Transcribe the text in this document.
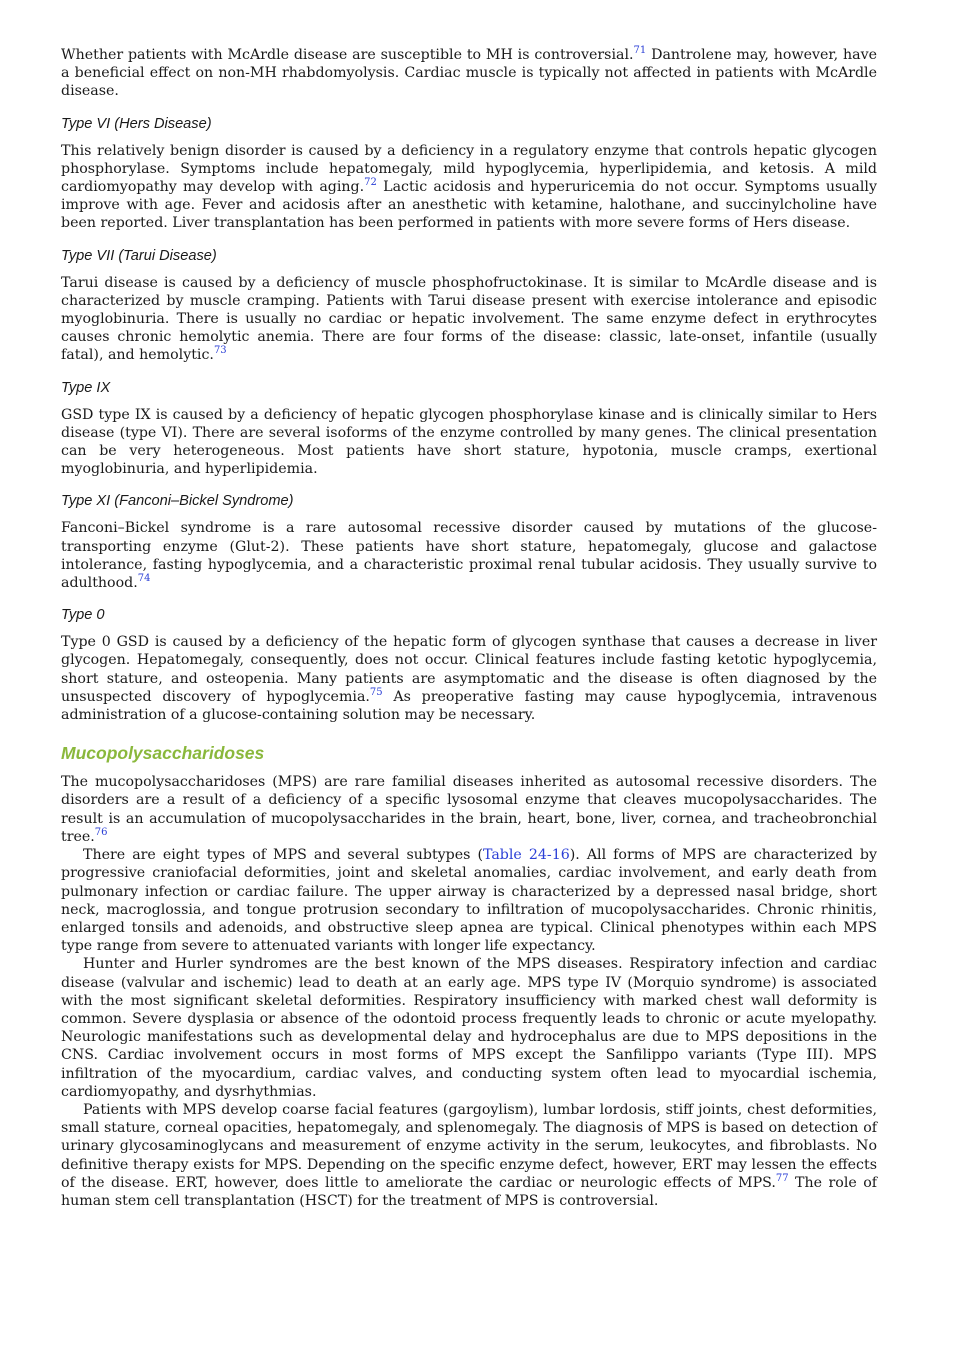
Whether patients with McArdle disease are susceptible to MH is controversial.$^{71}$ Dantrolene may, however, have a beneficial effect on non-MH rhabdomyolysis. Cardiac muscle is typically not affected in patients with McArdle disease.

Type VI (Hers Disease)

This relatively benign disorder is caused by a deficiency in a regulatory enzyme that controls hepatic glycogen phosphorylase. Symptoms include hepatomegaly, mild hypoglycemia, hyperlipidemia, and ketosis. A mild cardiomyopathy may develop with aging.$^{72}$ Lactic acidosis and hyperuricemia do not occur. Symptoms usually improve with age. Fever and acidosis after an anesthetic with ketamine, halothane, and succinylcholine have been reported. Liver transplantation has been performed in patients with more severe forms of Hers disease.

Type VII (Tarui Disease)

Tarui disease is caused by a deficiency of muscle phosphofructokinase. It is similar to McArdle disease and is characterized by muscle cramping. Patients with Tarui disease present with exercise intolerance and episodic myoglobinuria. There is usually no cardiac or hepatic involvement. The same enzyme defect in erythrocytes causes chronic hemolytic anemia. There are four forms of the disease: classic, late-onset, infantile (usually fatal), and hemolytic.$^{73}$

Type IX

GSD type IX is caused by a deficiency of hepatic glycogen phosphorylase kinase and is clinically similar to Hers disease (type VI). There are several isoforms of the enzyme controlled by many genes. The clinical presentation can be very heterogeneous. Most patients have short stature, hypotonia, muscle cramps, exertional myoglobinuria, and hyperlipidemia.

Type XI (Fanconi–Bickel Syndrome)

Fanconi–Bickel syndrome is a rare autosomal recessive disorder caused by mutations of the glucose-transporting enzyme (Glut-2). These patients have short stature, hepatomegaly, glucose and galactose intolerance, fasting hypoglycemia, and a characteristic proximal renal tubular acidosis. They usually survive to adulthood.$^{74}$

Type 0

Type 0 GSD is caused by a deficiency of the hepatic form of glycogen synthase that causes a decrease in liver glycogen. Hepatomegaly, consequently, does not occur. Clinical features include fasting ketotic hypoglycemia, short stature, and osteopenia. Many patients are asymptomatic and the disease is often diagnosed by the unsuspected discovery of hypoglycemia.$^{75}$ As preoperative fasting may cause hypoglycemia, intravenous administration of a glucose-containing solution may be necessary.

Mucopolysaccharidoses

The mucopolysaccharidoses (MPS) are rare familial diseases inherited as autosomal recessive disorders. The disorders are a result of a deficiency of a specific lysosomal enzyme that cleaves mucopolysaccharides. The result is an accumulation of mucopolysaccharides in the brain, heart, bone, liver, cornea, and tracheobronchial tree.$^{76}$

There are eight types of MPS and several subtypes (Table 24-16). All forms of MPS are characterized by progressive craniofacial deformities, joint and skeletal anomalies, cardiac involvement, and early death from pulmonary infection or cardiac failure. The upper airway is characterized by a depressed nasal bridge, short neck, macroglossia, and tongue protrusion secondary to infiltration of mucopolysaccharides. Chronic rhinitis, enlarged tonsils and adenoids, and obstructive sleep apnea are typical. Clinical phenotypes within each MPS type range from severe to attenuated variants with longer life expectancy.

Hunter and Hurler syndromes are the best known of the MPS diseases. Respiratory infection and cardiac disease (valvular and ischemic) lead to death at an early age. MPS type IV (Morquio syndrome) is associated with the most significant skeletal deformities. Respiratory insufficiency with marked chest wall deformity is common. Severe dysplasia or absence of the odontoid process frequently leads to chronic or acute myelopathy. Neurologic manifestations such as developmental delay and hydrocephalus are due to MPS depositions in the CNS. Cardiac involvement occurs in most forms of MPS except the Sanfilippo variants (Type III). MPS infiltration of the myocardium, cardiac valves, and conducting system often lead to myocardial ischemia, cardiomyopathy, and dysrhythmias.

Patients with MPS develop coarse facial features (gargoylism), lumbar lordosis, stiff joints, chest deformities, small stature, corneal opacities, hepatomegaly, and splenomegaly. The diagnosis of MPS is based on detection of urinary glycosaminoglycans and measurement of enzyme activity in the serum, leukocytes, and fibroblasts. No definitive therapy exists for MPS. Depending on the specific enzyme defect, however, ERT may lessen the effects of the disease. ERT, however, does little to ameliorate the cardiac or neurologic effects of MPS.$^{77}$ The role of human stem cell transplantation (HSCT) for the treatment of MPS is controversial.
